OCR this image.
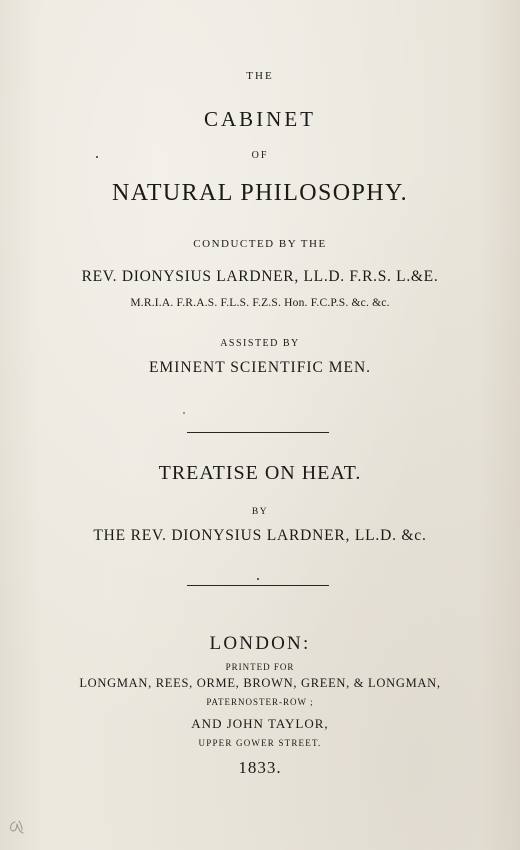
THE
CABINET
OF
NATURAL PHILOSOPHY.
CONDUCTED BY THE
REV. DIONYSIUS LARDNER, LL.D. F.R.S. L.&E.
M.R.I.A. F.R.A.S. F.L.S. F.Z.S. Hon. F.C.P.S. &c. &c.
ASSISTED BY
EMINENT SCIENTIFIC MEN.
TREATISE ON HEAT.
BY
THE REV. DIONYSIUS LARDNER, LL.D. &c.
LONDON:
PRINTED FOR
LONGMAN, REES, ORME, BROWN, GREEN, & LONGMAN,
PATERNOSTER-ROW ;
AND JOHN TAYLOR,
UPPER GOWER STREET.
1833.
